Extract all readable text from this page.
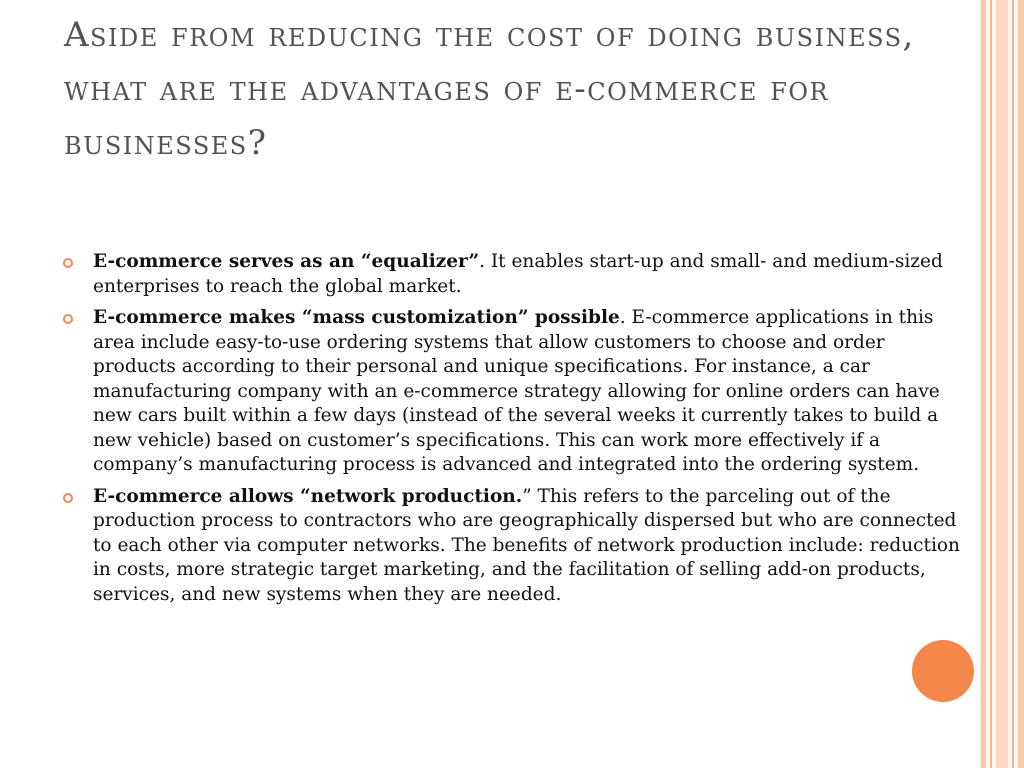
Aside from reducing the cost of doing business, what are the advantages of e-commerce for businesses?
E-commerce serves as an “equalizer”. It enables start-up and small- and medium-sized enterprises to reach the global market.
E-commerce makes “mass customization” possible. E-commerce applications in this area include easy-to-use ordering systems that allow customers to choose and order products according to their personal and unique specifications. For instance, a car manufacturing company with an e-commerce strategy allowing for online orders can have new cars built within a few days (instead of the several weeks it currently takes to build a new vehicle) based on customer’s specifications. This can work more effectively if a company’s manufacturing process is advanced and integrated into the ordering system.
E-commerce allows “network production.” This refers to the parceling out of the production process to contractors who are geographically dispersed but who are connected to each other via computer networks. The benefits of network production include: reduction in costs, more strategic target marketing, and the facilitation of selling add-on products, services, and new systems when they are needed.
